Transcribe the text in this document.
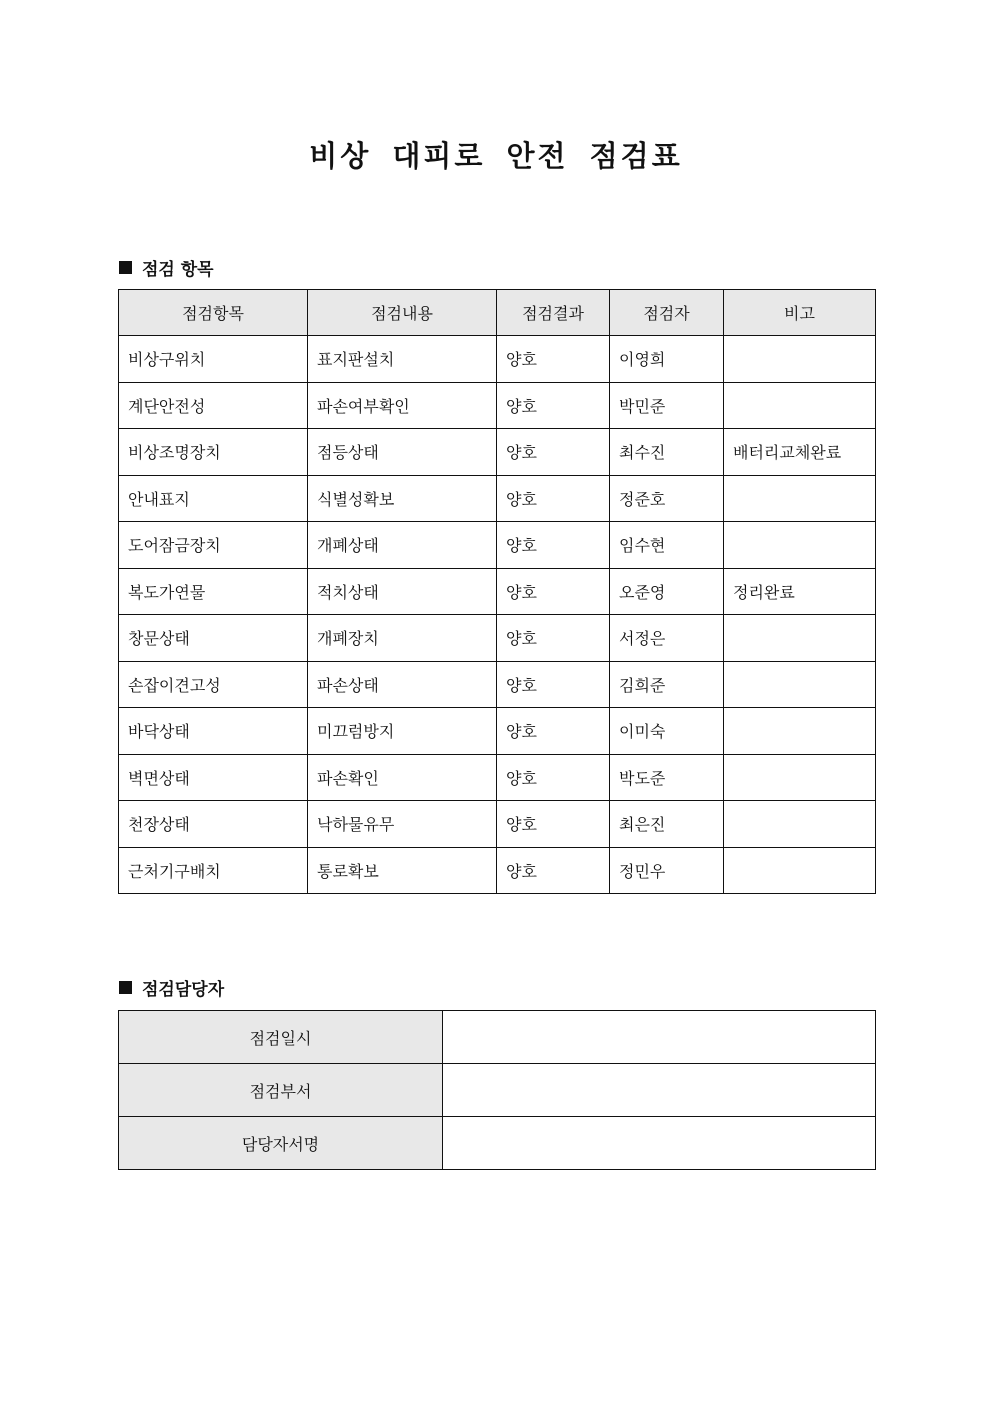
비상 대피로 안전 점검표
점검 항목
점검항목	점검내용	점검결과	점검자	비고
비상구위치	표지판설치	양호	이영희	
계단안전성	파손여부확인	양호	박민준	
비상조명장치	점등상태	양호	최수진	배터리교체완료
안내표지	식별성확보	양호	정준호	
도어잠금장치	개폐상태	양호	임수현	
복도가연물	적치상태	양호	오준영	정리완료
창문상태	개폐장치	양호	서정은	
손잡이견고성	파손상태	양호	김희준	
바닥상태	미끄럼방지	양호	이미숙	
벽면상태	파손확인	양호	박도준	
천장상태	낙하물유무	양호	최은진	
근처기구배치	통로확보	양호	정민우	
점검담당자
점검일시	
점검부서	
담당자서명	
